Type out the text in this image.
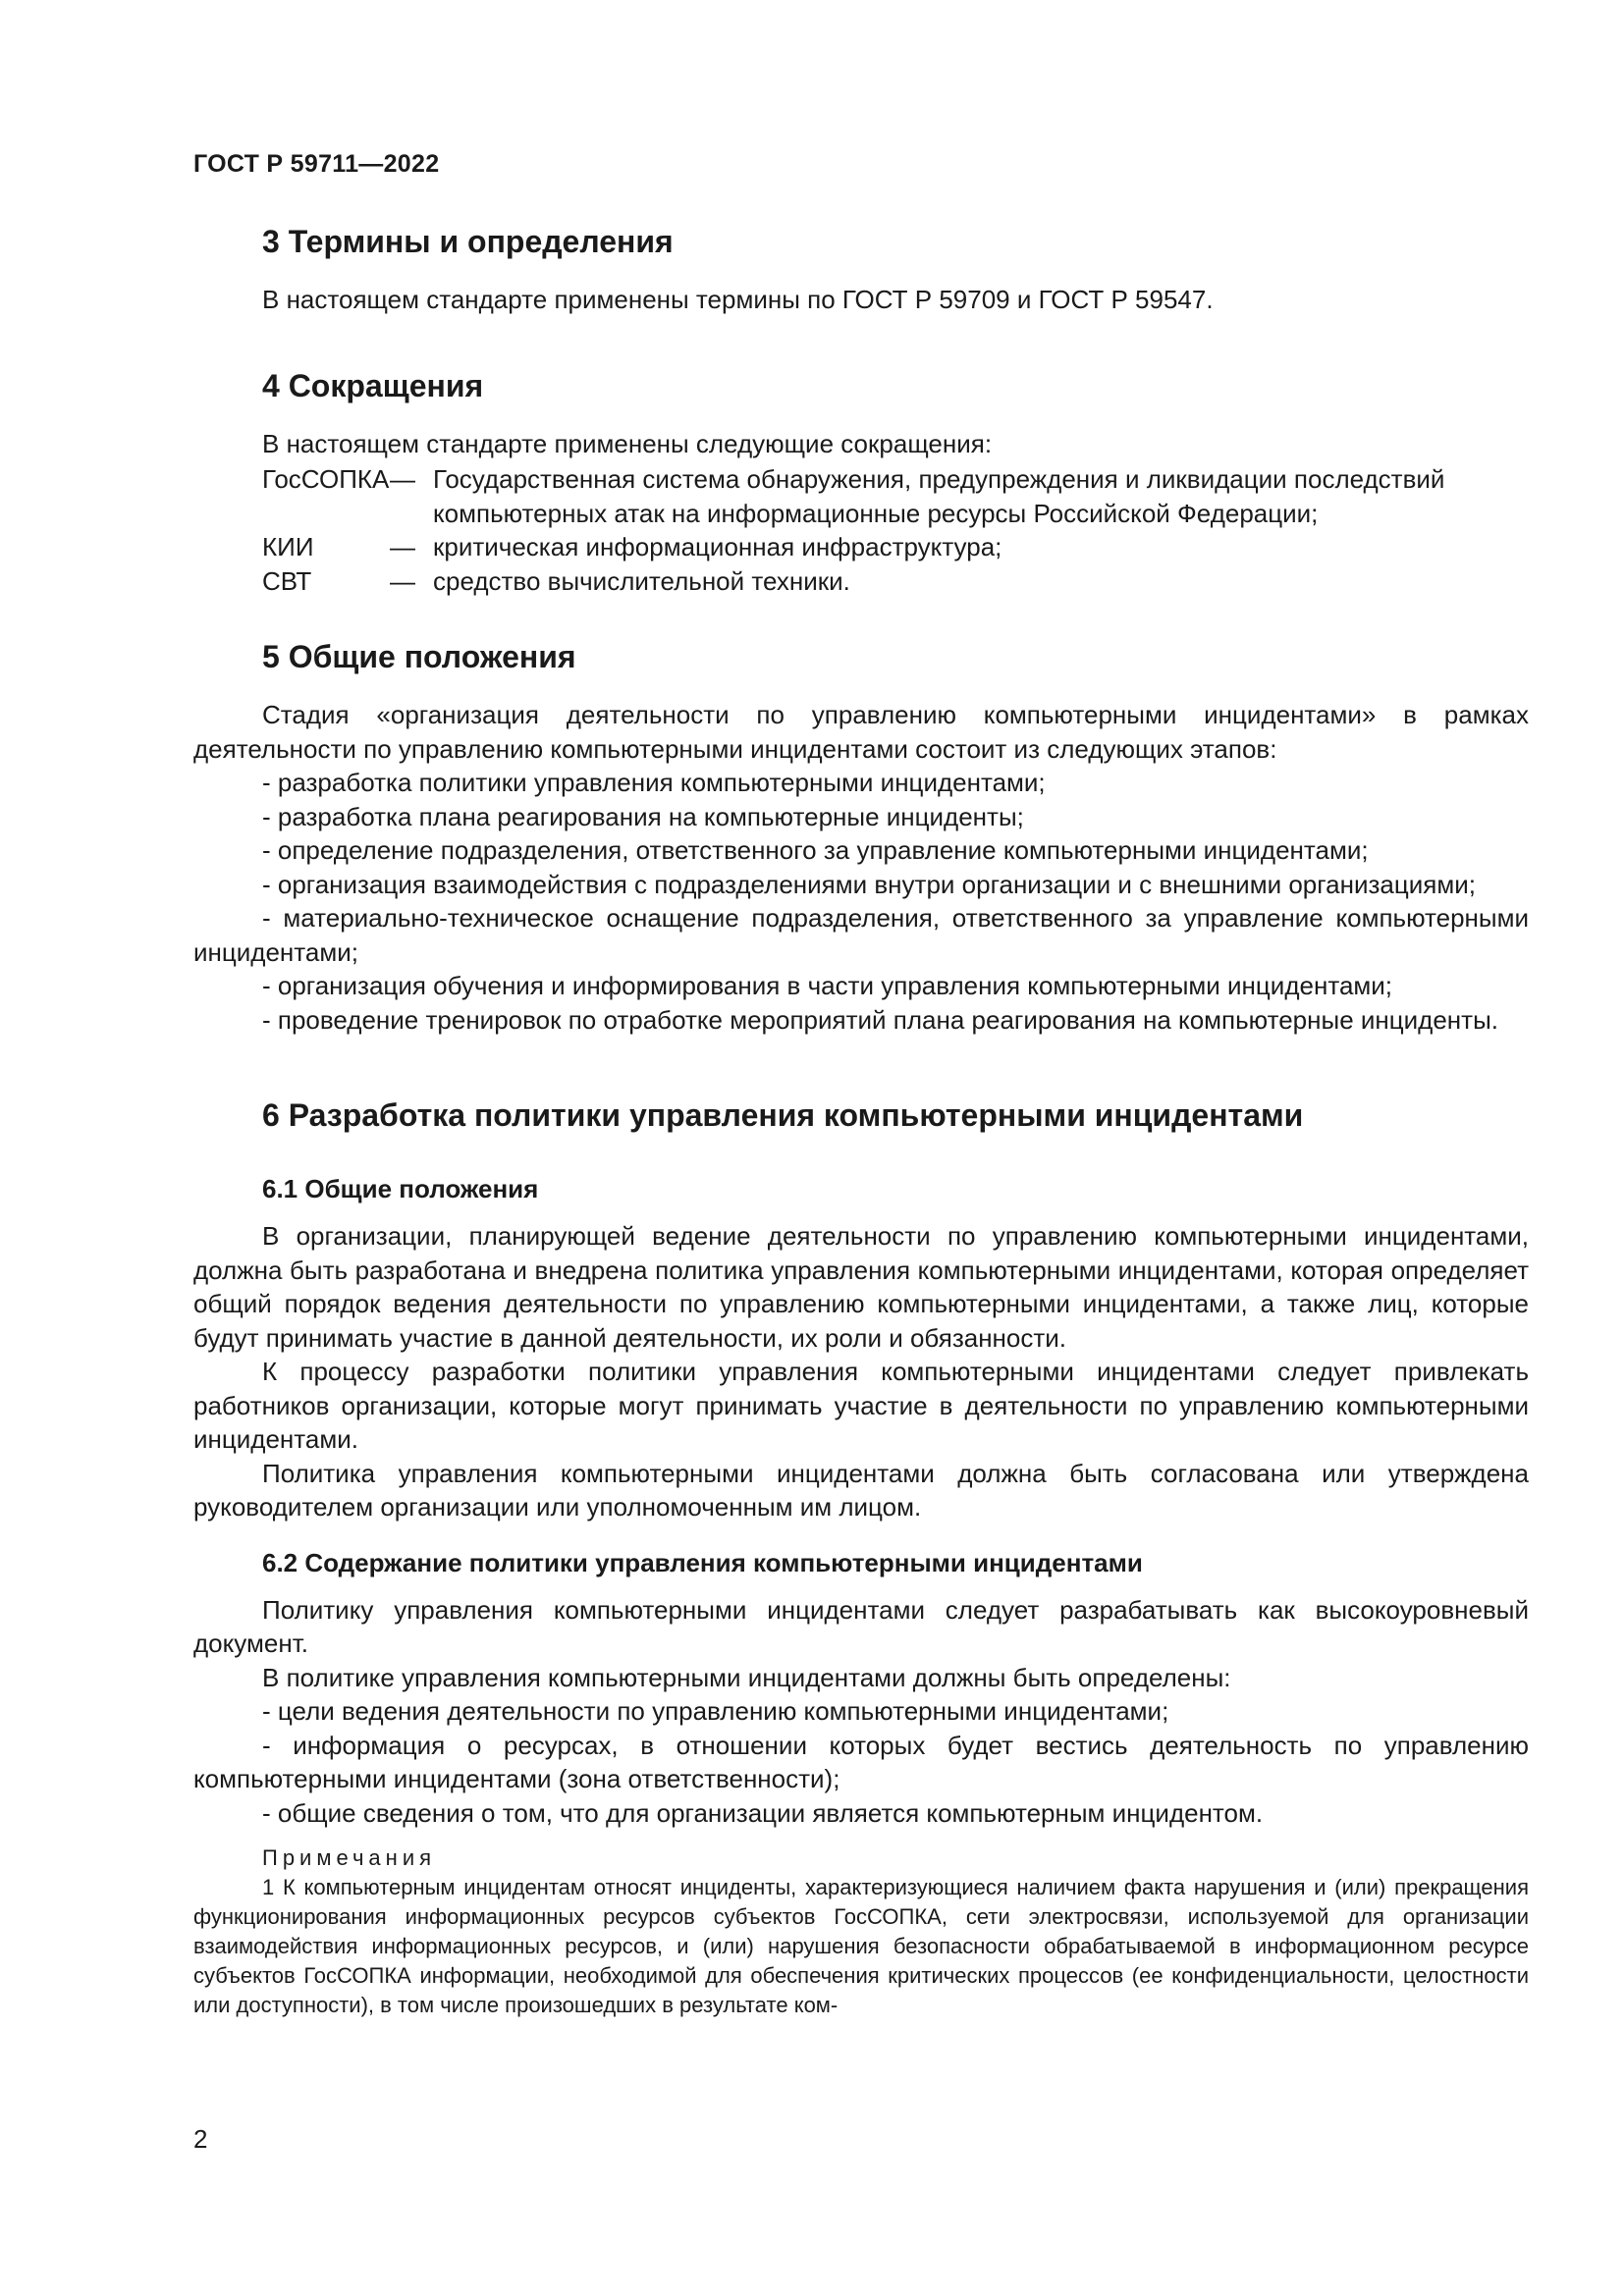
ГОСТ Р 59711—2022
3 Термины и определения

В настоящем стандарте применены термины по ГОСТ Р 59709 и ГОСТ Р 59547.

4 Сокращения

В настоящем стандарте применены следующие сокращения:

ГосСОПКА	—	Государственная система обнаружения, предупреждения и ликвидации последствий компьютерных атак на информационные ресурсы Российской Федерации;
КИИ	—	критическая информационная инфраструктура;
СВТ	—	средство вычислительной техники.
5 Общие положения

Стадия «организация деятельности по управлению компьютерными инцидентами» в рамках деятельности по управлению компьютерными инцидентами состоит из следующих этапов:

- разработка политики управления компьютерными инцидентами;

- разработка плана реагирования на компьютерные инциденты;

- определение подразделения, ответственного за управление компьютерными инцидентами;

- организация взаимодействия с подразделениями внутри организации и с внешними организациями;

- материально-техническое оснащение подразделения, ответственного за управление компьютерными инцидентами;

- организация обучения и информирования в части управления компьютерными инцидентами;

- проведение тренировок по отработке мероприятий плана реагирования на компьютерные инциденты.

6 Разработка политики управления компьютерными инцидентами
6.1 Общие положения

В организации, планирующей ведение деятельности по управлению компьютерными инцидентами, должна быть разработана и внедрена политика управления компьютерными инцидентами, которая определяет общий порядок ведения деятельности по управлению компьютерными инцидентами, а также лиц, которые будут принимать участие в данной деятельности, их роли и обязанности.

К процессу разработки политики управления компьютерными инцидентами следует привлекать работников организации, которые могут принимать участие в деятельности по управлению компьютерными инцидентами.

Политика управления компьютерными инцидентами должна быть согласована или утверждена руководителем организации или уполномоченным им лицом.

6.2 Содержание политики управления компьютерными инцидентами

Политику управления компьютерными инцидентами следует разрабатывать как высокоуровневый документ.

В политике управления компьютерными инцидентами должны быть определены:

- цели ведения деятельности по управлению компьютерными инцидентами;

- информация о ресурсах, в отношении которых будет вестись деятельность по управлению компьютерными инцидентами (зона ответственности);

- общие сведения о том, что для организации является компьютерным инцидентом.

Примечания

1 К компьютерным инцидентам относят инциденты, характеризующиеся наличием факта нарушения и (или) прекращения функционирования информационных ресурсов субъектов ГосСОПКА, сети электросвязи, используемой для организации взаимодействия информационных ресурсов, и (или) нарушения безопасности обрабатываемой в информационном ресурсе субъектов ГосСОПКА информации, необходимой для обеспечения критических процессов (ее конфиденциальности, целостности или доступности), в том числе произошедших в результате ком-

2
